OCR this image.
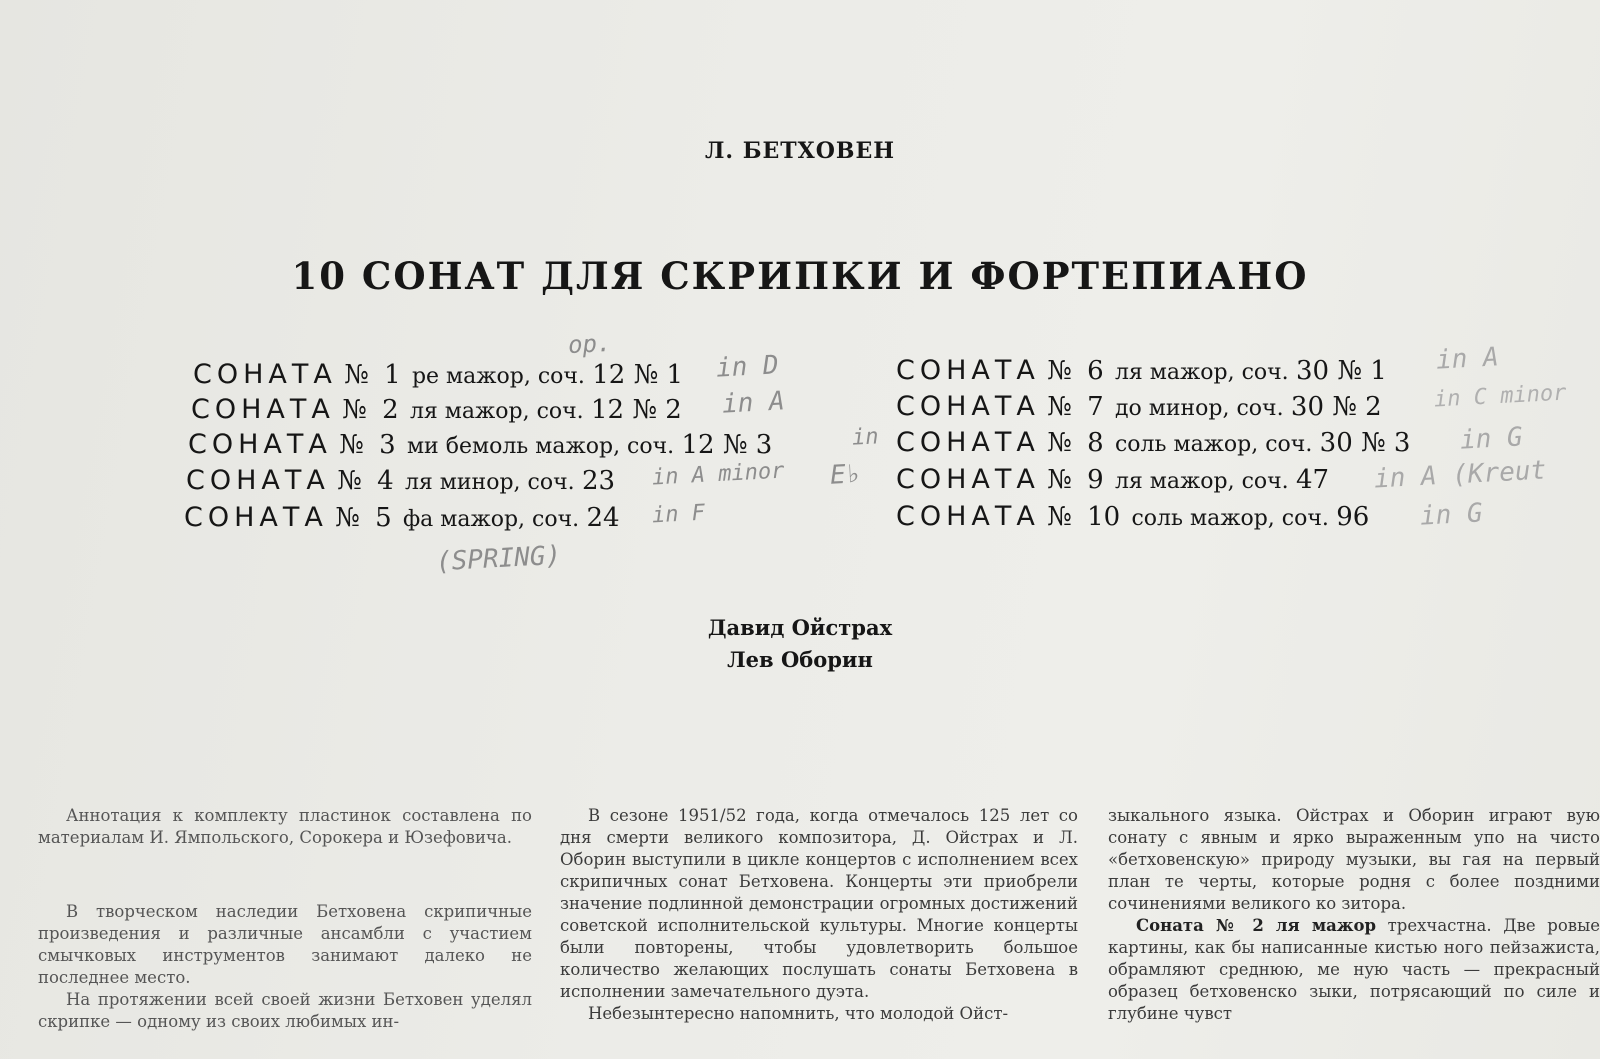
Л. БЕТХОВЕН
10 СОНАТ ДЛЯ СКРИПКИ И ФОРТЕПИАНО
СОНАТА № 1 ре мажор, соч. 12 № 1
СОНАТА № 2 ля мажор, соч. 12 № 2
СОНАТА № 3 ми бемоль мажор, соч. 12 № 3
СОНАТА № 4 ля минор, соч. 23
СОНАТА № 5 фа мажор, соч. 24
СОНАТА № 6 ля мажор, соч. 30 № 1
СОНАТА № 7 до минор, соч. 30 № 2
СОНАТА № 8 соль мажор, соч. 30 № 3
СОНАТА № 9 ля мажор, соч. 47
СОНАТА № 10 соль мажор, соч. 96
op.
in D
in A
in
E♭
in A minor
in F
(SPRING)
in A
in C minor
in G
in A (Kreut
in G
Давид Ойстрах
Лев Оборин

Аннотация к комплекту пластинок составлена по материалам И. Ямпольского, Сорокера и Юзефовича.

В творческом наследии Бетховена скрипичные произведения и различные ансамбли с участием смычковых инструментов занимают далеко не последнее место.

На протяжении всей своей жизни Бетховен уделял скрипке — одному из своих любимых ин-

В сезоне 1951/52 года, когда отмечалось 125 лет со дня смерти великого композитора, Д. Ойстрах и Л. Оборин выступили в цикле концертов с исполнением всех скрипичных сонат Бетховена. Концерты эти приобрели значение подлинной демонстрации огромных достижений советской исполнительской культуры. Многие концерты были повторены, чтобы удовлетворить большое количество желающих послушать сонаты Бетховена в исполнении замечательного дуэта.

Небезынтересно напомнить, что молодой Ойст-

зыкального языка. Ойстрах и Оборин играют вую сонату с явным и ярко выраженным упо на чисто «бетховенскую» природу музыки, вы гая на первый план те черты, которые родня с более поздними сочинениями великого ко зитора.

Соната № 2 ля мажор трехчастна. Две ровые картины, как бы написанные кистью ного пейзажиста, обрамляют среднюю, ме ную часть — прекрасный образец бетховенско зыки, потрясающий по силе и глубине чувст
